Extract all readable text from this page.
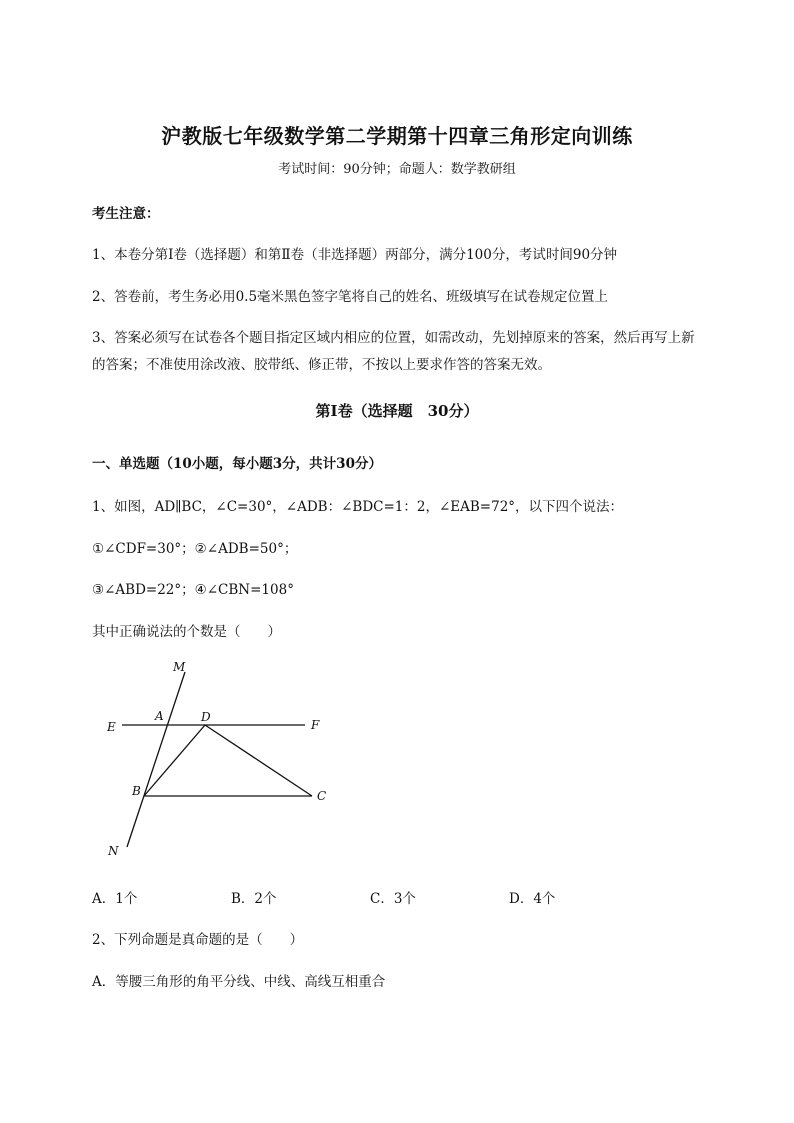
沪教版七年级数学第二学期第十四章三角形定向训练
考试时间：90分钟；命题人：数学教研组
考生注意：
1、本卷分第I卷（选择题）和第Ⅱ卷（非选择题）两部分，满分100分，考试时间90分钟
2、答卷前，考生务必用0.5毫米黑色签字笔将自己的姓名、班级填写在试卷规定位置上
3、答案必须写在试卷各个题目指定区域内相应的位置，如需改动，先划掉原来的答案，然后再写上新
的答案；不准使用涂改液、胶带纸、修正带，不按以上要求作答的答案无效。
第I卷（选择题　30分）
一、单选题（10小题，每小题3分，共计30分）
1、如图，AD∥BC，∠C=30°，∠ADB：∠BDC=1：2，∠EAB=72°，以下四个说法：
①∠CDF=30°；②∠ADB=50°；
③∠ABD=22°；④∠CBN=108°
其中正确说法的个数是（　　）
M
N
E	F
A	D
B	C
A．1个	B．2个	C．3个	D．4个
2、下列命题是真命题的是（　　）
A．等腰三角形的角平分线、中线、高线互相重合
